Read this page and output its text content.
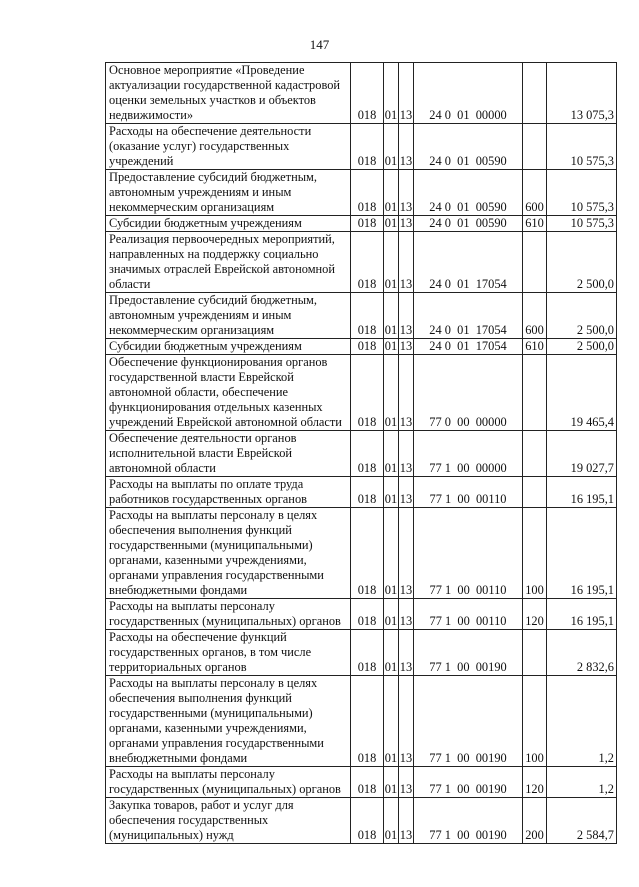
147
Основное мероприятие «Проведение актуализации государственной кадастровой оценки земельных участков и объектов недвижимости»	018	01	13	24 0  01  00000		13 075,3
Расходы на обеспечение деятельности (оказание услуг) государственных учреждений	018	01	13	24 0  01  00590		10 575,3
Предоставление субсидий бюджетным, автономным учреждениям и иным некоммерческим организациям	018	01	13	24 0  01  00590	600	10 575,3
Субсидии бюджетным учреждениям	018	01	13	24 0  01  00590	610	10 575,3
Реализация первоочередных мероприятий, направленных на поддержку социально значимых отраслей Еврейской автономной области	018	01	13	24 0  01  17054		2 500,0
Предоставление субсидий бюджетным, автономным учреждениям и иным некоммерческим организациям	018	01	13	24 0  01  17054	600	2 500,0
Субсидии бюджетным учреждениям	018	01	13	24 0  01  17054	610	2 500,0
Обеспечение функционирования органов государственной власти Еврейской автономной области, обеспечение функционирования отдельных казенных учреждений Еврейской автономной области	018	01	13	77 0  00  00000		19 465,4
Обеспечение деятельности органов исполнительной власти Еврейской автономной области	018	01	13	77 1  00  00000		19 027,7
Расходы на выплаты по оплате труда работников государственных органов	018	01	13	77 1  00  00110		16 195,1
Расходы на выплаты персоналу в целях обеспечения выполнения функций государственными (муниципальными) органами, казенными учреждениями, органами управления государственными внебюджетными фондами	018	01	13	77 1  00  00110	100	16 195,1
Расходы на выплаты персоналу государственных (муниципальных) органов	018	01	13	77 1  00  00110	120	16 195,1
Расходы на обеспечение функций государственных органов, в том числе территориальных органов	018	01	13	77 1  00  00190		2 832,6
Расходы на выплаты персоналу в целях обеспечения выполнения функций государственными (муниципальными) органами, казенными учреждениями, органами управления государственными внебюджетными фондами	018	01	13	77 1  00  00190	100	1,2
Расходы на выплаты персоналу государственных (муниципальных) органов	018	01	13	77 1  00  00190	120	1,2
Закупка товаров, работ и услуг для обеспечения государственных (муниципальных) нужд	018	01	13	77 1  00  00190	200	2 584,7
